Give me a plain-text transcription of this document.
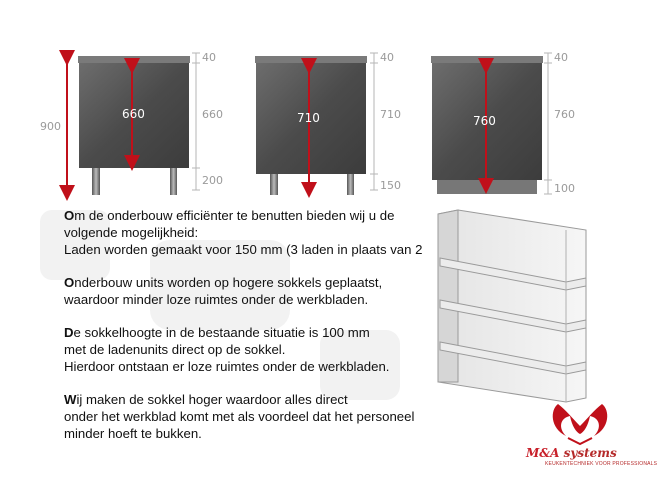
660
900
40
660
200
710
40
710
150
760
40
760
100

Om de onderbouw efficiënter te benutten bieden wij u de
volgende mogelijkheid:
Laden worden gemaakt voor 150 mm (3 laden in plaats van 2

Onderbouw units worden op hogere sokkels geplaatst,
waardoor minder loze ruimtes onder de werkbladen.

De sokkelhoogte in de bestaande situatie is 100 mm
met de ladenunits direct op de sokkel.
Hierdoor ontstaan er loze ruimtes onder de werkbladen.

Wij maken de sokkel hoger waardoor alles direct
onder het werkblad komt met als voordeel dat het personeel
minder hoeft te bukken.

M&A systems
KEUKENTECHNIEK VOOR PROFESSIONALS
